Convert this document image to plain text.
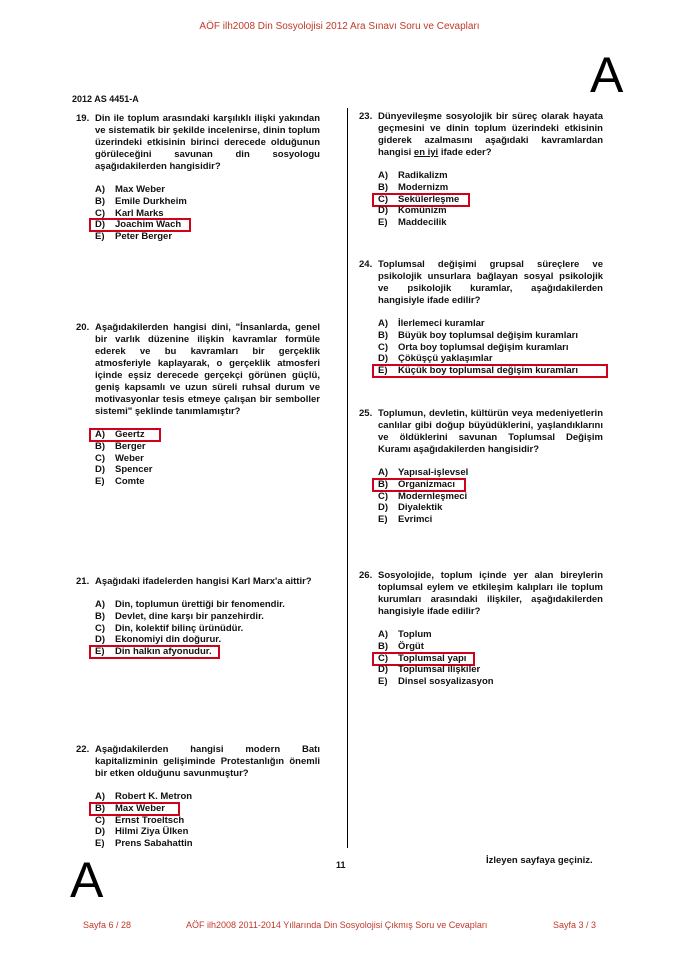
AÖF ilh2008 Din Sosyolojisi 2012 Ara Sınavı Soru ve Cevapları
A
2012 AS 4451-A
19. Din ile toplum arasındaki karşılıklı ilişki yakından ve sistematik bir şekilde incelenirse, dinin toplum üzerindeki etkisinin birinci derecede olduğunun görüleceğini savunan din sosyologu aşağıdakilerden hangisidir?
A) Max Weber
B) Emile Durkheim
C) Karl Marks
D) Joachim Wach
E) Peter Berger
20. Aşağıdakilerden hangisi dini, "İnsanlarda, genel bir varlık düzenine ilişkin kavramlar formüle ederek ve bu kavramları bir gerçeklik atmosferiyle kaplayarak, o gerçeklik atmosferi içinde eşsiz derecede gerçekçi görünen güçlü, geniş kapsamlı ve uzun süreli ruhsal durum ve motivasyonlar tesis etmeye çalışan bir semboller sistemi" şeklinde tanımlamıştır?
A) Geertz
B) Berger
C) Weber
D) Spencer
E) Comte
21. Aşağıdaki ifadelerden hangisi Karl Marx'a aittir?
A) Din, toplumun ürettiği bir fenomendir.
B) Devlet, dine karşı bir panzehirdir.
C) Din, kolektif bilinç ürünüdür.
D) Ekonomiyi din doğurur.
E) Din halkın afyonudur.
22. Aşağıdakilerden hangisi modern Batı kapitalizminin gelişiminde Protestanlığın önemli bir etken olduğunu savunmuştur?
A) Robert K. Metron
B) Max Weber
C) Ernst Troeltsch
D) Hilmi Ziya Ülken
E) Prens Sabahattin
23. Dünyevileşme sosyolojik bir süreç olarak hayata geçmesini ve dinin toplum üzerindeki etkisinin giderek azalmasını aşağıdaki kavramlardan hangisi en iyi ifade eder?
A) Radikalizm
B) Modernizm
C) Sekülerleşme
D) Komünizm
E) Maddecilik
24. Toplumsal değişimi grupsal süreçlere ve psikolojik unsurlara bağlayan sosyal psikolojik ve psikolojik kuramlar, aşağıdakilerden hangisiyle ifade edilir?
A) İlerlemeci kuramlar
B) Büyük boy toplumsal değişim kuramları
C) Orta boy toplumsal değişim kuramları
D) Çöküşçü yaklaşımlar
E) Küçük boy toplumsal değişim kuramları
25. Toplumun, devletin, kültürün veya medeniyetlerin canlılar gibi doğup büyüdüklerini, yaşlandıklarını ve öldüklerini savunan Toplumsal Değişim Kuramı aşağıdakilerden hangisidir?
A) Yapısal-işlevsel
B) Organizmacı
C) Modernleşmeci
D) Diyalektik
E) Evrimci
26. Sosyolojide, toplum içinde yer alan bireylerin toplumsal eylem ve etkileşim kalıpları ile toplum kurumları arasındaki ilişkiler, aşağıdakilerden hangisiyle ifade edilir?
A) Toplum
B) Örgüt
C) Toplumsal yapı
D) Toplumsal ilişkiler
E) Dinsel sosyalizasyon
A	11	İzleyen sayfaya geçiniz.
Sayfa 6 / 28	AÖF ilh2008 2011-2014 Yıllarında Din Sosyolojisi Çıkmış Soru ve Cevapları	Sayfa 3 / 3
